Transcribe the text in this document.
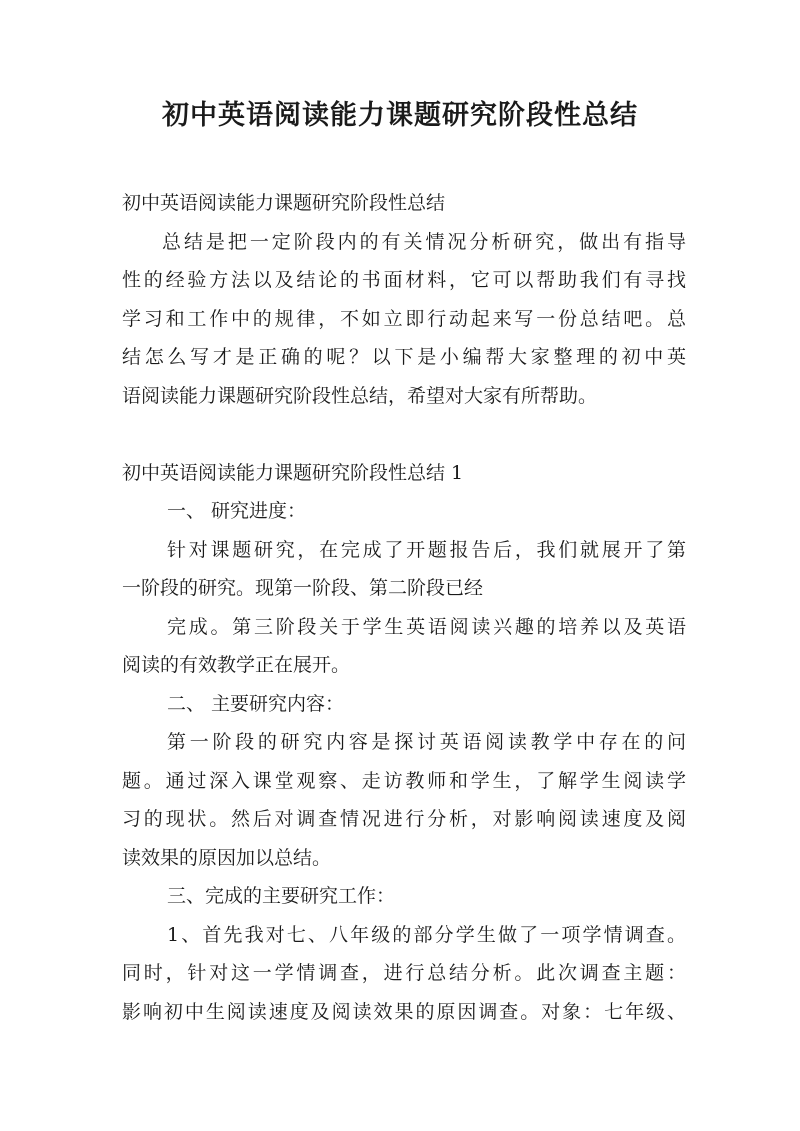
初中英语阅读能力课题研究阶段性总结
初中英语阅读能力课题研究阶段性总结
总结是把一定阶段内的有关情况分析研究，做出有指导
性的经验方法以及结论的书面材料，它可以帮助我们有寻找
学习和工作中的规律，不如立即行动起来写一份总结吧。总
结怎么写才是正确的呢？以下是小编帮大家整理的初中英
语阅读能力课题研究阶段性总结，希望对大家有所帮助。
初中英语阅读能力课题研究阶段性总结 1
一、 研究进度：
针对课题研究，在完成了开题报告后，我们就展开了第
一阶段的研究。现第一阶段、第二阶段已经
完成。第三阶段关于学生英语阅读兴趣的培养以及英语
阅读的有效教学正在展开。
二、 主要研究内容：
第一阶段的研究内容是探讨英语阅读教学中存在的问
题。通过深入课堂观察、走访教师和学生，了解学生阅读学
习的现状。然后对调查情况进行分析，对影响阅读速度及阅
读效果的原因加以总结。
三、完成的主要研究工作：
1、首先我对七、八年级的部分学生做了一项学情调查。
同时，针对这一学情调查，进行总结分析。此次调查主题：
影响初中生阅读速度及阅读效果的原因调查。对象：七年级、
